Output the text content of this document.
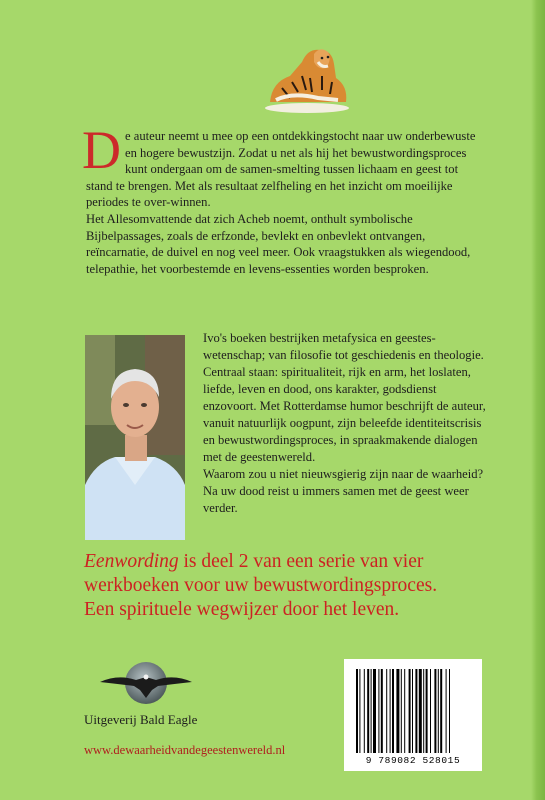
D e auteur neemt u mee op een ontdekkingstocht naar uw onderbewuste en hogere bewustzijn. Zodat u net als hij het bewustwordingsproces kunt ondergaan om de samen-smelting tussen lichaam en geest tot stand te brengen. Met als resultaat zelfheling en het inzicht om moeilijke periodes te over-winnen.

Het Allesomvattende dat zich Acheb noemt, onthult symbolische Bijbelpassages, zoals de erfzonde, bevlekt en onbevlekt ontvangen, reïncarnatie, de duivel en nog veel meer. Ook vraagstukken als wiegendood, telepathie, het voorbestemde en levens-essenties worden besproken.

Ivo's boeken bestrijken metafysica en geestes-wetenschap; van filosofie tot geschiedenis en theologie. Centraal staan: spiritualiteit, rijk en arm, het loslaten, liefde, leven en dood, ons karakter, godsdienst enzovoort. Met Rotterdamse humor beschrijft de auteur, vanuit natuurlijk oogpunt, zijn beleefde identiteitscrisis en bewustwordingsproces, in spraakmakende dialogen met de geestenwereld.

Waarom zou u niet nieuwsgierig zijn naar de waarheid? Na uw dood reist u immers samen met de geest weer verder.

Eenwording is deel 2 van een serie van vier

werkboeken voor uw bewustwordingsproces.

Een spirituele wegwijzer door het leven.

Uitgeverij Bald Eagle
www.dewaarheidvandegeestenwereld.nl
9 789082 528015
